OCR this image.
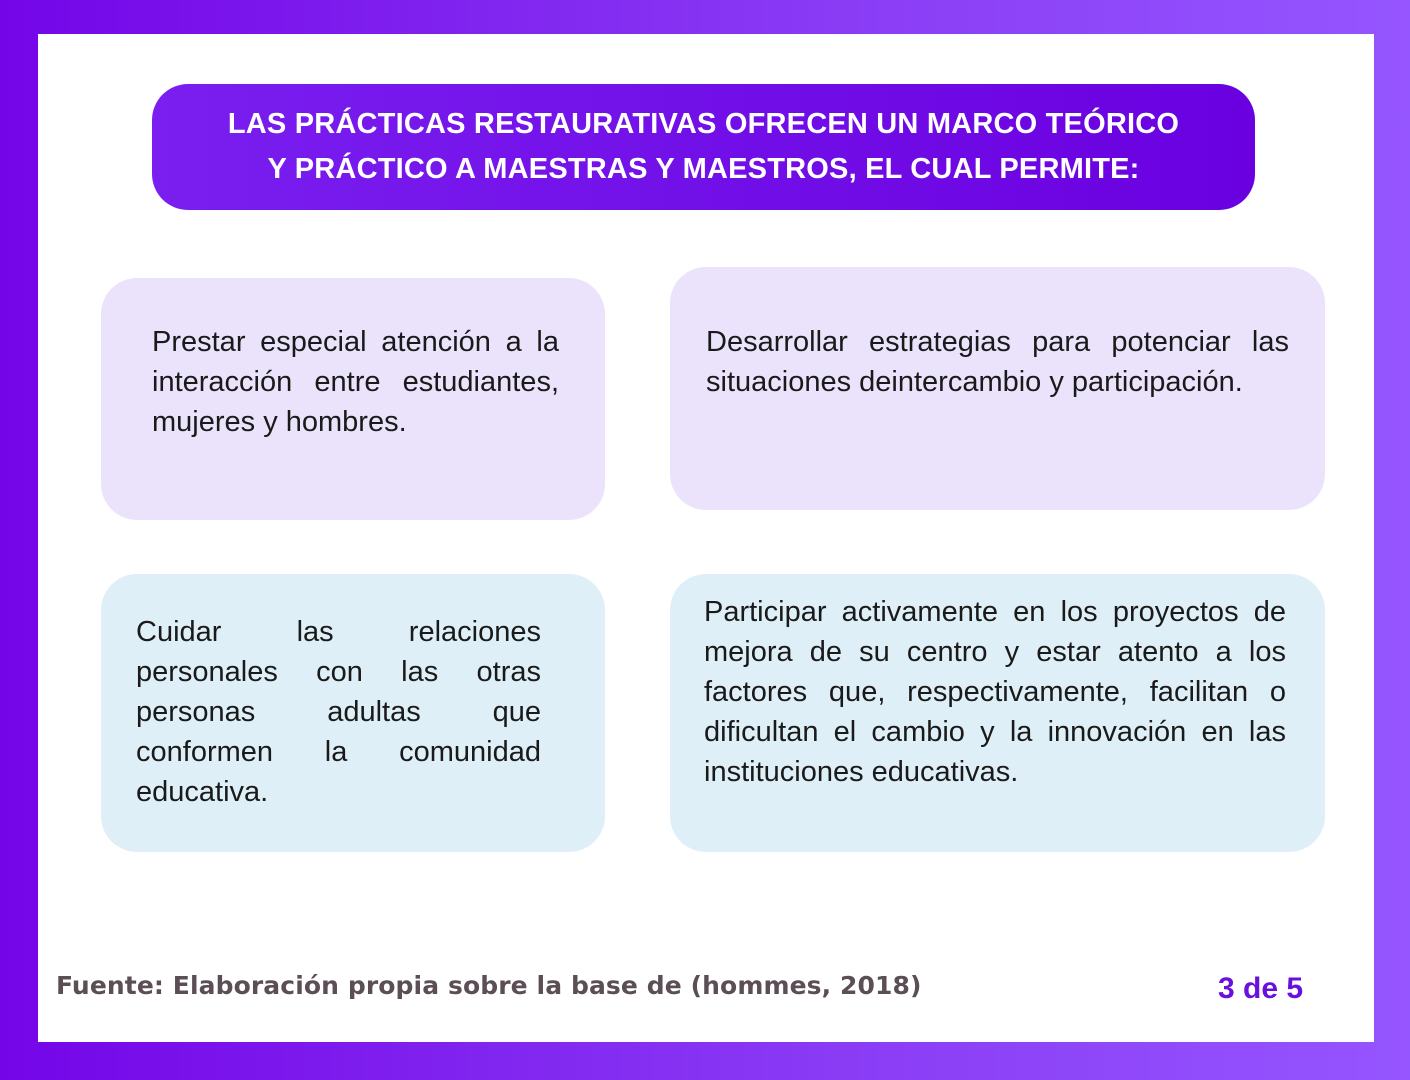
LAS PRÁCTICAS RESTAURATIVAS OFRECEN UN MARCO TEÓRICO
Y PRÁCTICO A MAESTRAS Y MAESTROS, EL CUAL PERMITE:
Prestar especial atención a la interacción entre estudiantes, mujeres y hombres.
Desarrollar estrategias para potenciar las situaciones deintercambio y participación.
Cuidar las relaciones personales con las otras personas adultas que conformen la comunidad educativa.
Participar activamente en los proyectos de mejora de su centro y estar atento a los factores que, respectivamente, facilitan o dificultan el cambio y la innovación en las instituciones educativas.
Fuente: Elaboración propia sobre la base de (hommes, 2018)	3 de 5
